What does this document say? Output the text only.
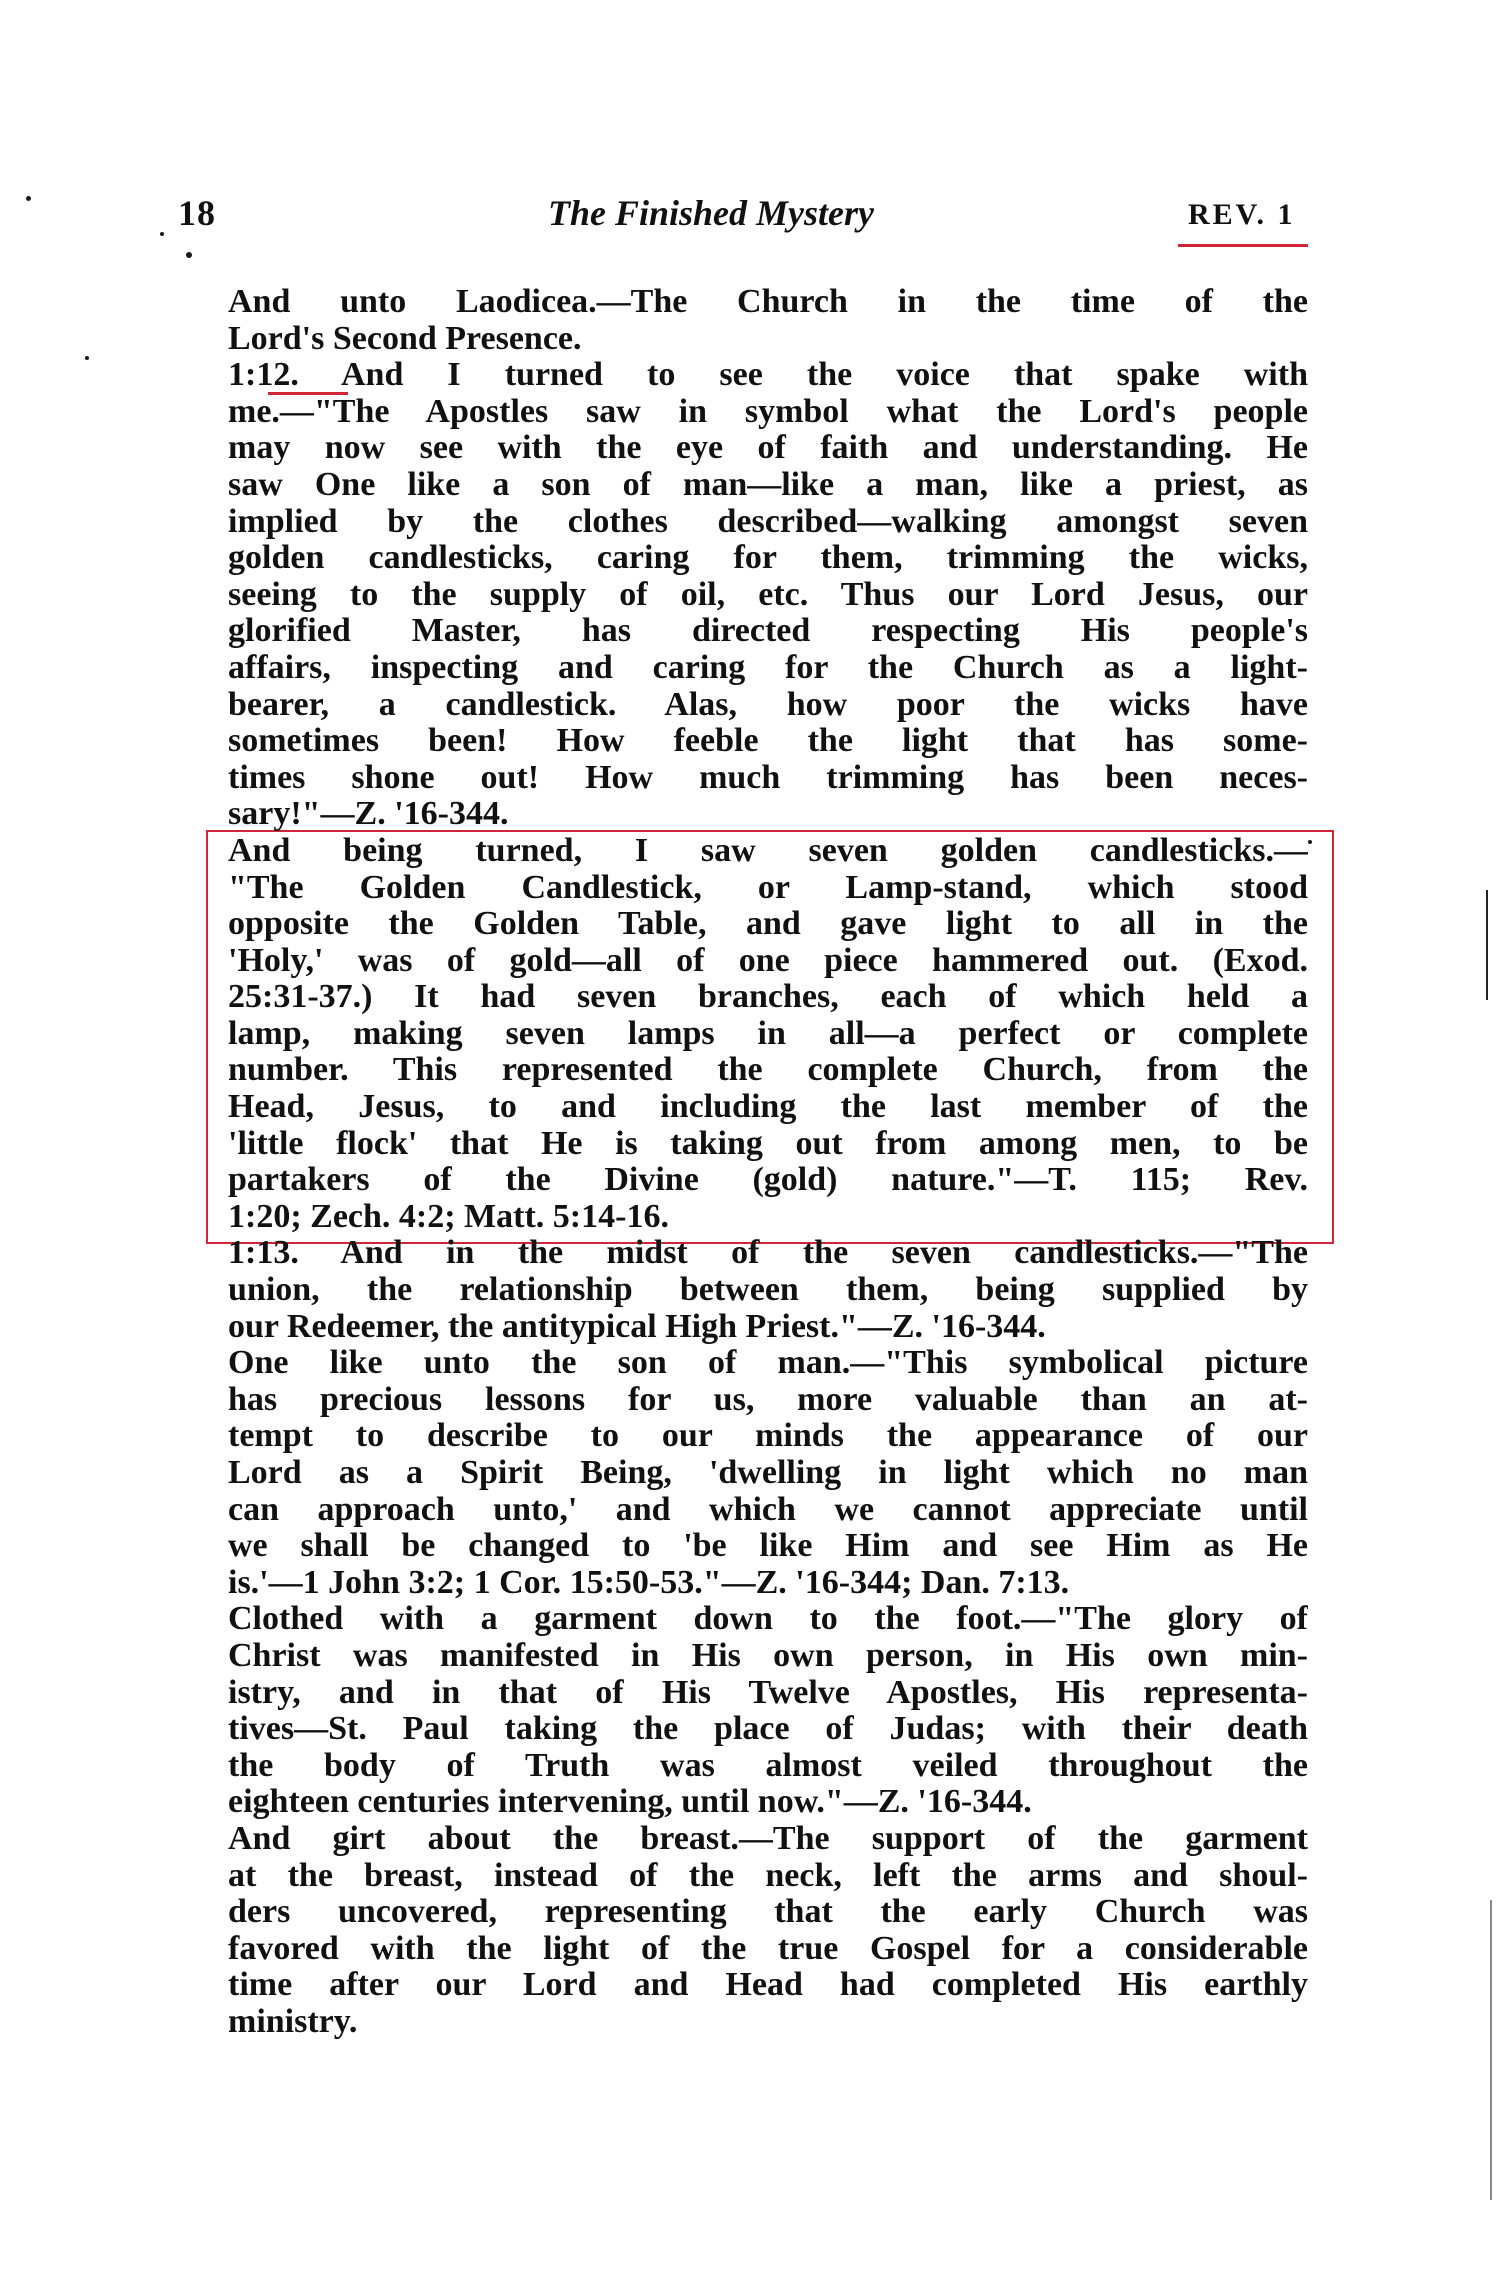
18	The Finished Mystery	REV. 1
And unto Laodicea.—The Church in the time of the
Lord's Second Presence.
1:12. And I turned to see the voice that spake with
me.—"The Apostles saw in symbol what the Lord's people
may now see with the eye of faith and understanding. He
saw One like a son of man—like a man, like a priest, as
implied by the clothes described—walking amongst seven
golden candlesticks, caring for them, trimming the wicks,
seeing to the supply of oil, etc. Thus our Lord Jesus, our
glorified Master, has directed respecting His people's
affairs, inspecting and caring for the Church as a light-
bearer, a candlestick. Alas, how poor the wicks have
sometimes been! How feeble the light that has some-
times shone out! How much trimming has been neces-
sary!"—Z. '16-344.
And being turned, I saw seven golden candlesticks.—
"The Golden Candlestick, or Lamp-stand, which stood
opposite the Golden Table, and gave light to all in the
'Holy,' was of gold—all of one piece hammered out. (Exod.
25:31-37.) It had seven branches, each of which held a
lamp, making seven lamps in all—a perfect or complete
number. This represented the complete Church, from the
Head, Jesus, to and including the last member of the
'little flock' that He is taking out from among men, to be
partakers of the Divine (gold) nature."—T. 115; Rev.
1:20; Zech. 4:2; Matt. 5:14-16.
1:13. And in the midst of the seven candlesticks.—"The
union, the relationship between them, being supplied by
our Redeemer, the antitypical High Priest."—Z. '16-344.
One like unto the son of man.—"This symbolical picture
has precious lessons for us, more valuable than an at-
tempt to describe to our minds the appearance of our
Lord as a Spirit Being, 'dwelling in light which no man
can approach unto,' and which we cannot appreciate until
we shall be changed to 'be like Him and see Him as He
is.'—1 John 3:2; 1 Cor. 15:50-53."—Z. '16-344; Dan. 7:13.
Clothed with a garment down to the foot.—"The glory of
Christ was manifested in His own person, in His own min-
istry, and in that of His Twelve Apostles, His representa-
tives—St. Paul taking the place of Judas; with their death
the body of Truth was almost veiled throughout the
eighteen centuries intervening, until now."—Z. '16-344.
And girt about the breast.—The support of the garment
at the breast, instead of the neck, left the arms and shoul-
ders uncovered, representing that the early Church was
favored with the light of the true Gospel for a considerable
time after our Lord and Head had completed His earthly
ministry.
